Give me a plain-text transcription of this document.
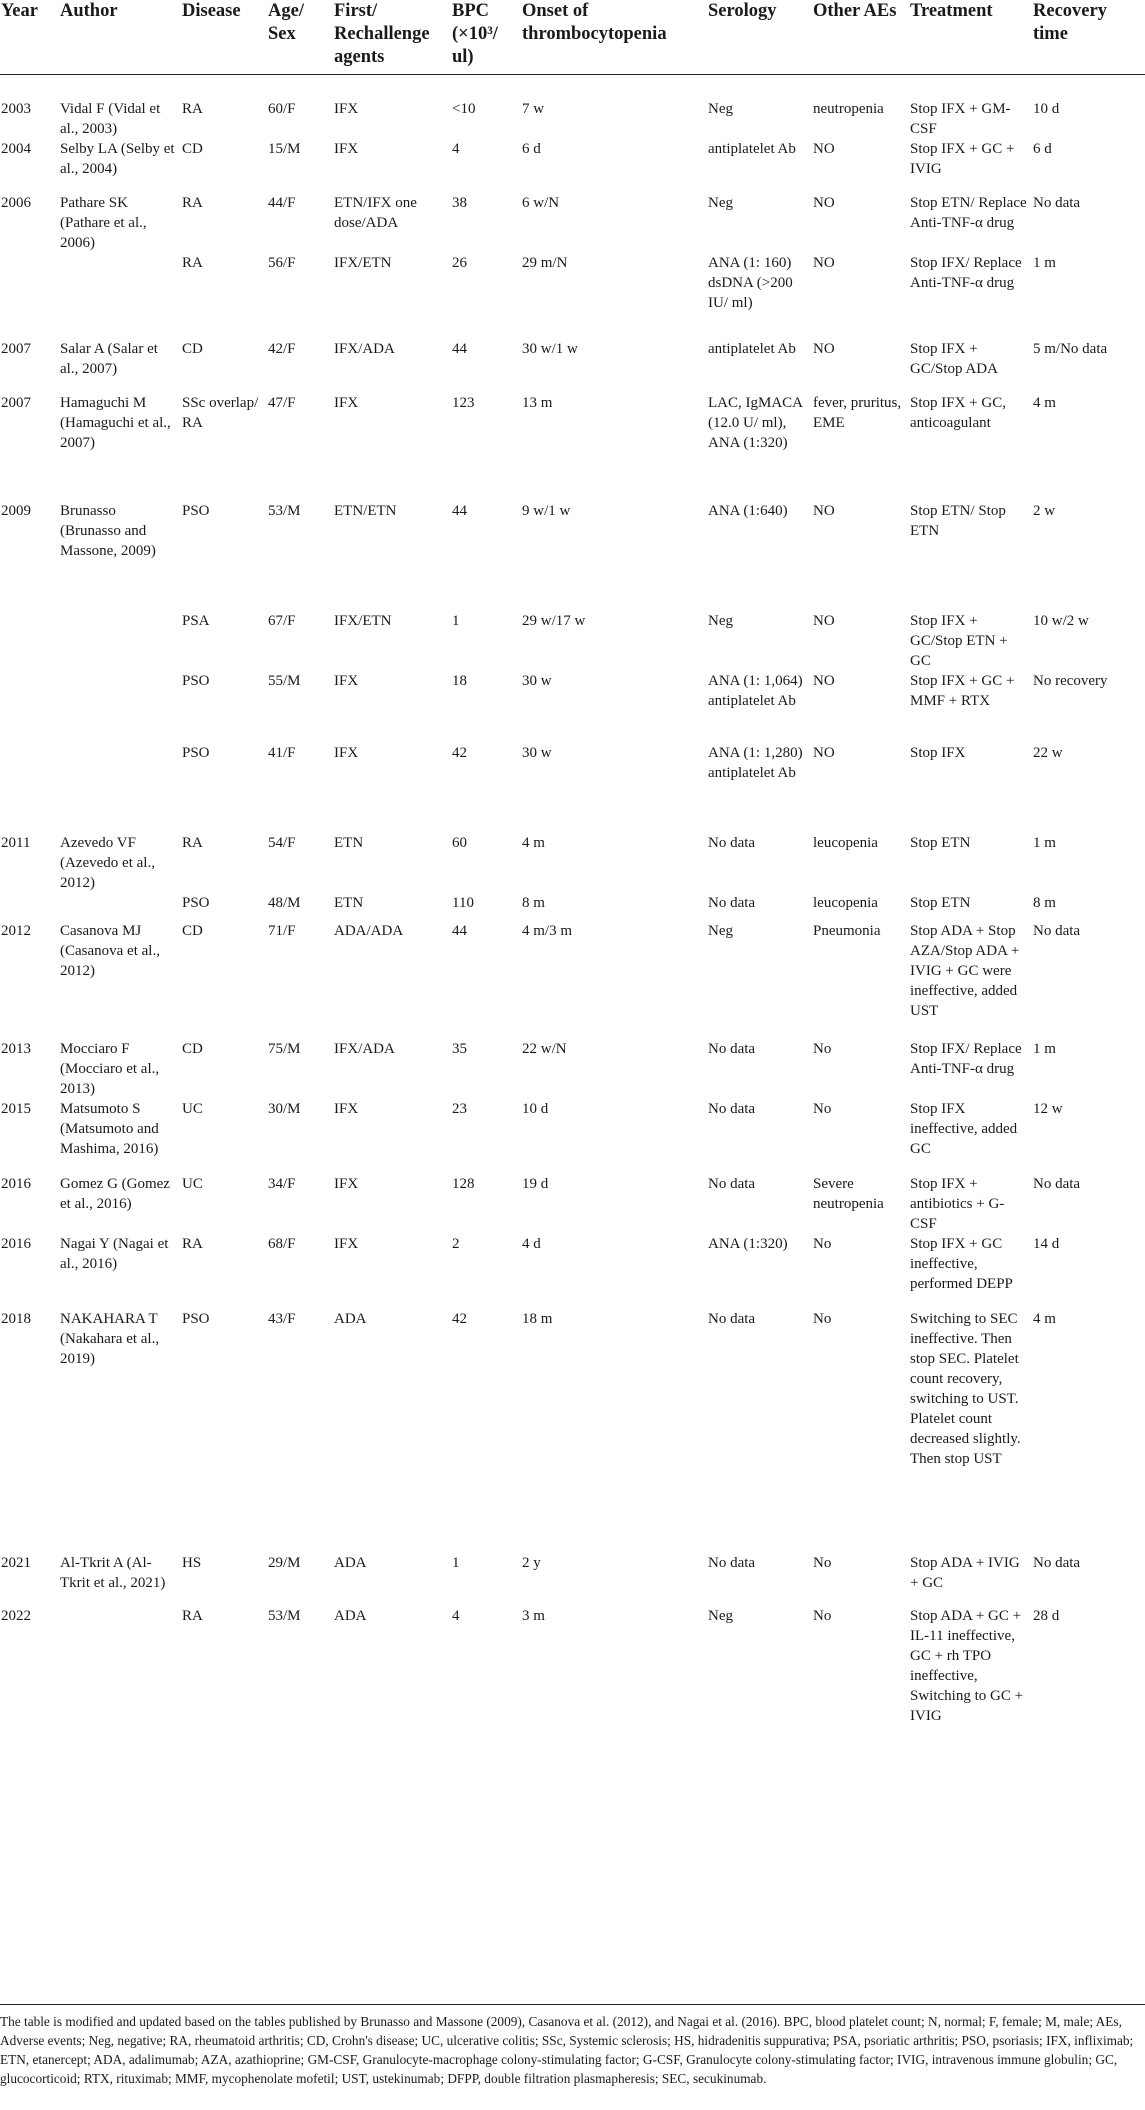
Year	Author	Disease	Age/ Sex	First/ Rechallenge agents	BPC (×10³/ ul)	Onset of thrombocytopenia	Serology	Other AEs	Treatment	Recovery time
2003	Vidal F (Vidal et al., 2003)	RA	60/F	IFX	<10	7 w	Neg	neutropenia	Stop IFX + GM-CSF	10 d
2004	Selby LA (Selby et al., 2004)	CD	15/M	IFX	4	6 d	antiplatelet Ab	NO	Stop IFX + GC + IVIG	6 d
2006	Pathare SK (Pathare et al., 2006)	RA	44/F	ETN/IFX one dose/ADA	38	6 w/N	Neg	NO	Stop ETN/ Replace Anti-TNF-α drug	No data
		RA	56/F	IFX/ETN	26	29 m/N	ANA (1: 160) dsDNA (>200 IU/ ml)	NO	Stop IFX/ Replace Anti-TNF-α drug	1 m
2007	Salar A (Salar et al., 2007)	CD	42/F	IFX/ADA	44	30 w/1 w	antiplatelet Ab	NO	Stop IFX + GC/Stop ADA	5 m/No data
2007	Hamaguchi M (Hamaguchi et al., 2007)	SSc overlap/ RA	47/F	IFX	123	13 m	LAC, IgMACA (12.0 U/ ml), ANA (1:320)	fever, pruritus, EME	Stop IFX + GC, anticoagulant	4 m
2009	Brunasso (Brunasso and Massone, 2009)	PSO	53/M	ETN/ETN	44	9 w/1 w	ANA (1:640)	NO	Stop ETN/ Stop ETN	2 w
		PSA	67/F	IFX/ETN	1	29 w/17 w	Neg	NO	Stop IFX + GC/Stop ETN + GC	10 w/2 w
		PSO	55/M	IFX	18	30 w	ANA (1: 1,064) antiplatelet Ab	NO	Stop IFX + GC + MMF + RTX	No recovery
		PSO	41/F	IFX	42	30 w	ANA (1: 1,280) antiplatelet Ab	NO	Stop IFX	22 w
2011	Azevedo VF (Azevedo et al., 2012)	RA	54/F	ETN	60	4 m	No data	leucopenia	Stop ETN	1 m
		PSO	48/M	ETN	110	8 m	No data	leucopenia	Stop ETN	8 m
2012	Casanova MJ (Casanova et al., 2012)	CD	71/F	ADA/ADA	44	4 m/3 m	Neg	Pneumonia	Stop ADA + Stop AZA/Stop ADA + IVIG + GC were ineffective, added UST	No data
2013	Mocciaro F (Mocciaro et al., 2013)	CD	75/M	IFX/ADA	35	22 w/N	No data	No	Stop IFX/ Replace Anti-TNF-α drug	1 m
2015	Matsumoto S (Matsumoto and Mashima, 2016)	UC	30/M	IFX	23	10 d	No data	No	Stop IFX ineffective, added GC	12 w
2016	Gomez G (Gomez et al., 2016)	UC	34/F	IFX	128	19 d	No data	Severe neutropenia	Stop IFX + antibiotics + G-CSF	No data
2016	Nagai Y (Nagai et al., 2016)	RA	68/F	IFX	2	4 d	ANA (1:320)	No	Stop IFX + GC ineffective, performed DEPP	14 d
2018	NAKAHARA T (Nakahara et al., 2019)	PSO	43/F	ADA	42	18 m	No data	No	Switching to SEC ineffective. Then stop SEC. Platelet count recovery, switching to UST. Platelet count decreased slightly. Then stop UST	4 m
2021	Al-Tkrit A (Al-Tkrit et al., 2021)	HS	29/M	ADA	1	2 y	No data	No	Stop ADA + IVIG + GC	No data
2022		RA	53/M	ADA	4	3 m	Neg	No	Stop ADA + GC + IL-11 ineffective, GC + rh TPO ineffective, Switching to GC + IVIG	28 d
The table is modified and updated based on the tables published by Brunasso and Massone (2009), Casanova et al. (2012), and Nagai et al. (2016). BPC, blood platelet count; N, normal; F, female; M, male; AEs, Adverse events; Neg, negative; RA, rheumatoid arthritis; CD, Crohn's disease; UC, ulcerative colitis; SSc, Systemic sclerosis; HS, hidradenitis suppurativa; PSA, psoriatic arthritis; PSO, psoriasis; IFX, infliximab; ETN, etanercept; ADA, adalimumab; AZA, azathioprine; GM-CSF, Granulocyte-macrophage colony-stimulating factor; G-CSF, Granulocyte colony-stimulating factor; IVIG, intravenous immune globulin; GC, glucocorticoid; RTX, rituximab; MMF, mycophenolate mofetil; UST, ustekinumab; DFPP, double filtration plasmapheresis; SEC, secukinumab.
